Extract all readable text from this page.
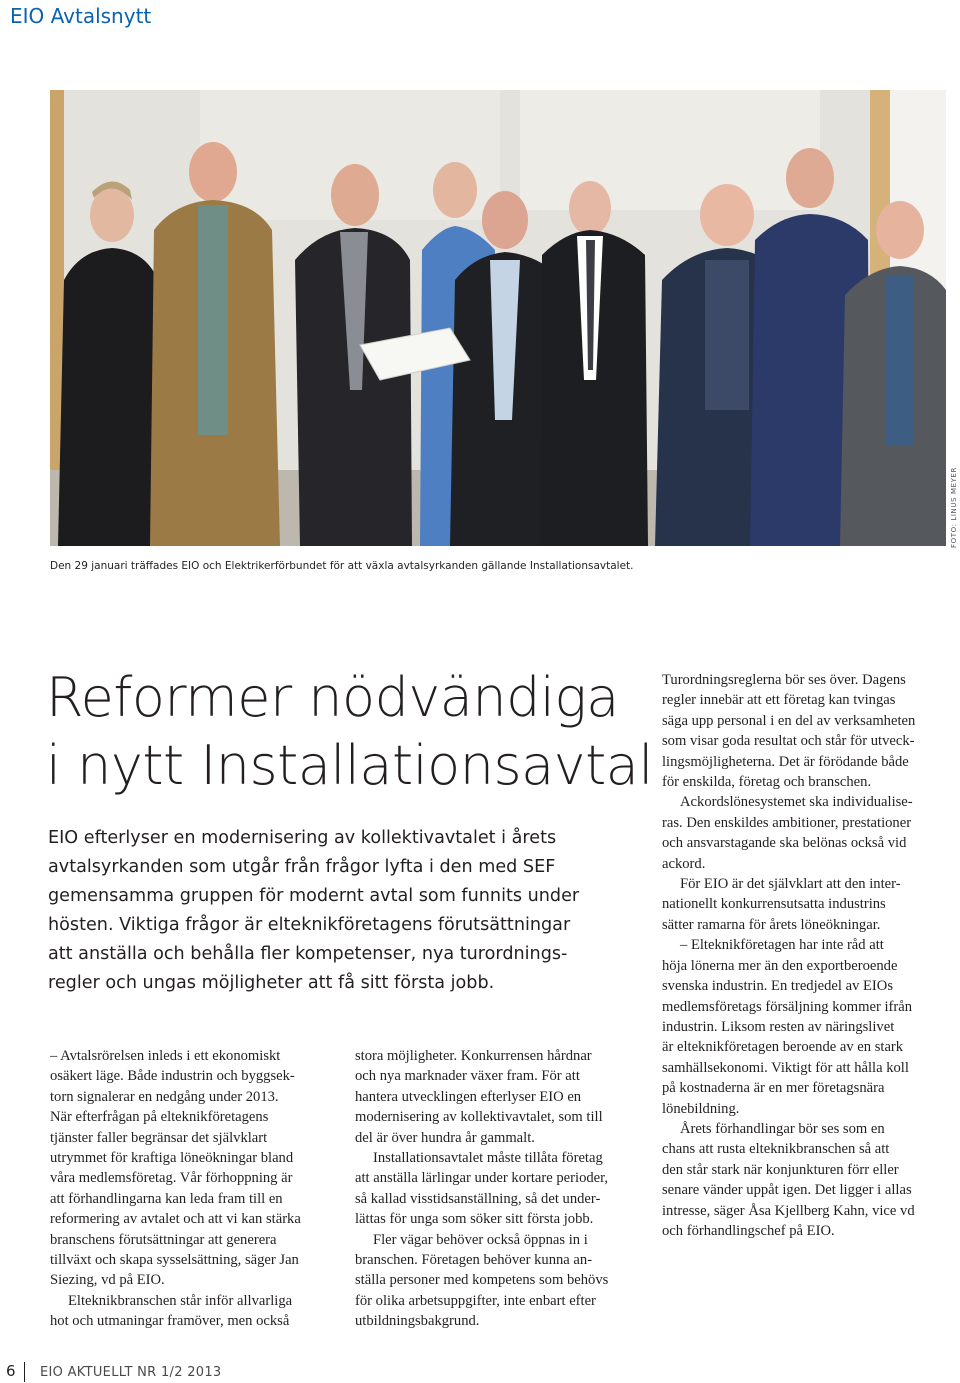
EIO Avtalsnytt
FOTO: LINUS MEYER
Den 29 januari träffades EIO och Elektrikerförbundet för att växla avtalsyrkanden gällande Installationsavtalet.
Reformer nödvändiga
i nytt Installationsavtal
EIO efterlyser en modernisering av kollektivavtalet i årets
avtalsyrkanden som utgår från frågor lyfta i den med SEF
gemensamma gruppen för modernt avtal som funnits under
hösten. Viktiga frågor är elteknikföretagens förutsättningar
att anställa och behålla fler kompetenser, nya turordnings-
regler och ungas möjligheter att få sitt första jobb.
– Avtalsrörelsen inleds i ett ekonomiskt
osäkert läge. Både industrin och byggsek-
torn signalerar en nedgång under 2013.
När efterfrågan på elteknikföretagens
tjänster faller begränsar det självklart
utrymmet för kraftiga löneökningar bland
våra medlemsföretag. Vår förhoppning är
att förhandlingarna kan leda fram till en
reformering av avtalet och att vi kan stärka
branschens förutsättningar att generera
tillväxt och skapa sysselsättning, säger Jan
Siezing, vd på EIO.
Elteknikbranschen står inför allvarliga
hot och utmaningar framöver, men också
stora möjligheter. Konkurrensen hårdnar
och nya marknader växer fram. För att
hantera utvecklingen efterlyser EIO en
modernisering av kollektivavtalet, som till
del är över hundra år gammalt.
Installationsavtalet måste tillåta företag
att anställa lärlingar under kortare perioder,
så kallad visstidsanställning, så det under-
lättas för unga som söker sitt första jobb.
Fler vägar behöver också öppnas in i
branschen. Företagen behöver kunna an-
ställa personer med kompetens som behövs
för olika arbetsuppgifter, inte enbart efter
utbildningsbakgrund.
Turordningsreglerna bör ses över. Dagens
regler innebär att ett företag kan tvingas
säga upp personal i en del av verksamheten
som visar goda resultat och står för utveck-
lingsmöjligheterna. Det är förödande både
för enskilda, företag och branschen.
Ackordslönesystemet ska individualise-
ras. Den enskildes ambitioner, prestationer
och ansvarstagande ska belönas också vid
ackord.
För EIO är det självklart att den inter-
nationellt konkurrensutsatta industrins
sätter ramarna för årets löneökningar.
– Elteknikföretagen har inte råd att
höja lönerna mer än den exportberoende
svenska industrin. En tredjedel av EIOs
medlemsföretags försäljning kommer ifrån
industrin. Liksom resten av näringslivet
är elteknikföretagen beroende av en stark
samhällsekonomi. Viktigt för att hålla koll
på kostnaderna är en mer företagsnära
lönebildning.
Årets förhandlingar bör ses som en
chans att rusta elteknikbranschen så att
den står stark när konjunkturen förr eller
senare vänder uppåt igen. Det ligger i allas
intresse, säger Åsa Kjellberg Kahn, vice vd
och förhandlingschef på EIO.
6 EIO AKTUELLT NR 1/2 2013
